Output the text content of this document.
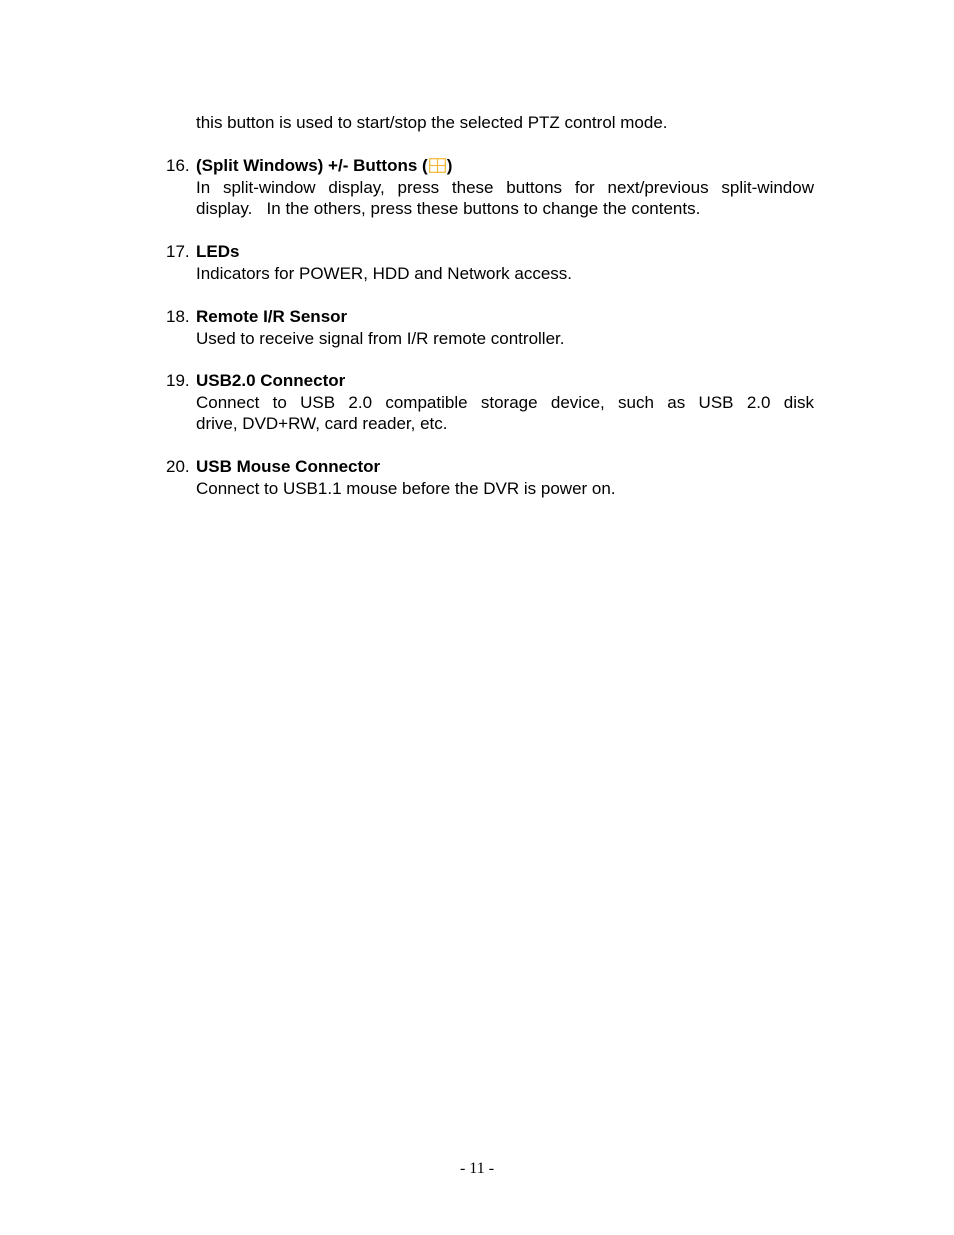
this button is used to start/stop the selected PTZ control mode.
16. (Split Windows) +/- Buttons ( )
In split-window display, press these buttons for next/previous split-window
display.   In the others, press these buttons to change the contents.
17. LEDs
Indicators for POWER, HDD and Network access.
18. Remote I/R Sensor
Used to receive signal from I/R remote controller.
19. USB2.0 Connector
Connect to USB 2.0 compatible storage device, such as USB 2.0 disk
drive, DVD+RW, card reader, etc.
20. USB Mouse Connector
Connect to USB1.1 mouse before the DVR is power on.
- 11 -
